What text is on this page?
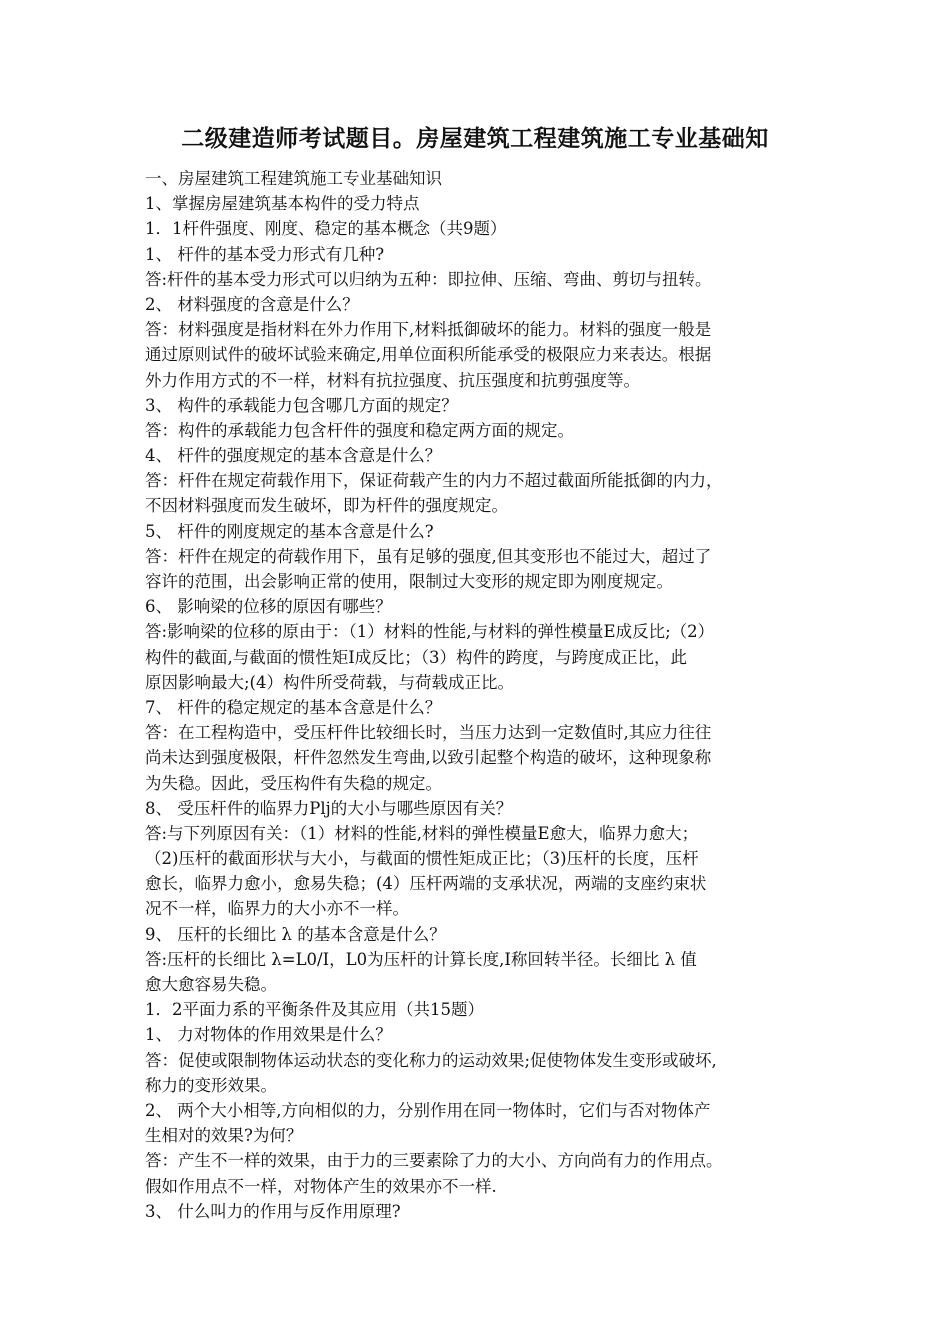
二级建造师考试题目。房屋建筑工程建筑施工专业基础知
一、房屋建筑工程建筑施工专业基础知识
1、掌握房屋建筑基本构件的受力特点
1．1杆件强度、刚度、稳定的基本概念（共9题）
1、 杆件的基本受力形式有几种?
答:杆件的基本受力形式可以归纳为五种：即拉伸、压缩、弯曲、剪切与扭转。
2、 材料强度的含意是什么？
答：材料强度是指材料在外力作用下,材料抵御破坏的能力。材料的强度一般是
通过原则试件的破坏试验来确定,用单位面积所能承受的极限应力来表达。根据
外力作用方式的不一样，材料有抗拉强度、抗压强度和抗剪强度等。
3、 构件的承载能力包含哪几方面的规定？
答：构件的承载能力包含杆件的强度和稳定两方面的规定。
4、 杆件的强度规定的基本含意是什么？
答：杆件在规定荷载作用下，保证荷载产生的内力不超过截面所能抵御的内力，
不因材料强度而发生破坏，即为杆件的强度规定。
5、 杆件的刚度规定的基本含意是什么?
答：杆件在规定的荷载作用下，虽有足够的强度,但其变形也不能过大，超过了
容许的范围，出会影响正常的使用，限制过大变形的规定即为刚度规定。
6、 影响梁的位移的原因有哪些？
答:影响梁的位移的原由于：（1）材料的性能,与材料的弹性模量E成反比;（2）
构件的截面,与截面的惯性矩I成反比；（3）构件的跨度，与跨度成正比，此
原因影响最大;(4）构件所受荷载，与荷载成正比。
7、 杆件的稳定规定的基本含意是什么？
答：在工程构造中，受压杆件比较细长时，当压力达到一定数值时,其应力往往
尚未达到强度极限，杆件忽然发生弯曲,以致引起整个构造的破坏，这种现象称
为失稳。因此，受压构件有失稳的规定。
8、 受压杆件的临界力Plj的大小与哪些原因有关？
答:与下列原因有关：（1）材料的性能,材料的弹性模量E愈大，临界力愈大；
（2)压杆的截面形状与大小，与截面的惯性矩成正比；（3)压杆的长度，压杆
愈长，临界力愈小，愈易失稳；(4）压杆两端的支承状况，两端的支座约束状
况不一样，临界力的大小亦不一样。
9、 压杆的长细比 λ 的基本含意是什么？
答:压杆的长细比 λ=L0/I，L0为压杆的计算长度,I称回转半径。长细比 λ 值
愈大愈容易失稳。
1．2平面力系的平衡条件及其应用（共15题）
1、 力对物体的作用效果是什么？
答：促使或限制物体运动状态的变化称力的运动效果;促使物体发生变形或破坏,
称力的变形效果。
2、 两个大小相等,方向相似的力，分别作用在同一物体时，它们与否对物体产
生相对的效果?为何？
答：产生不一样的效果，由于力的三要素除了力的大小、方向尚有力的作用点。
假如作用点不一样，对物体产生的效果亦不一样.
3、 什么叫力的作用与反作用原理?
